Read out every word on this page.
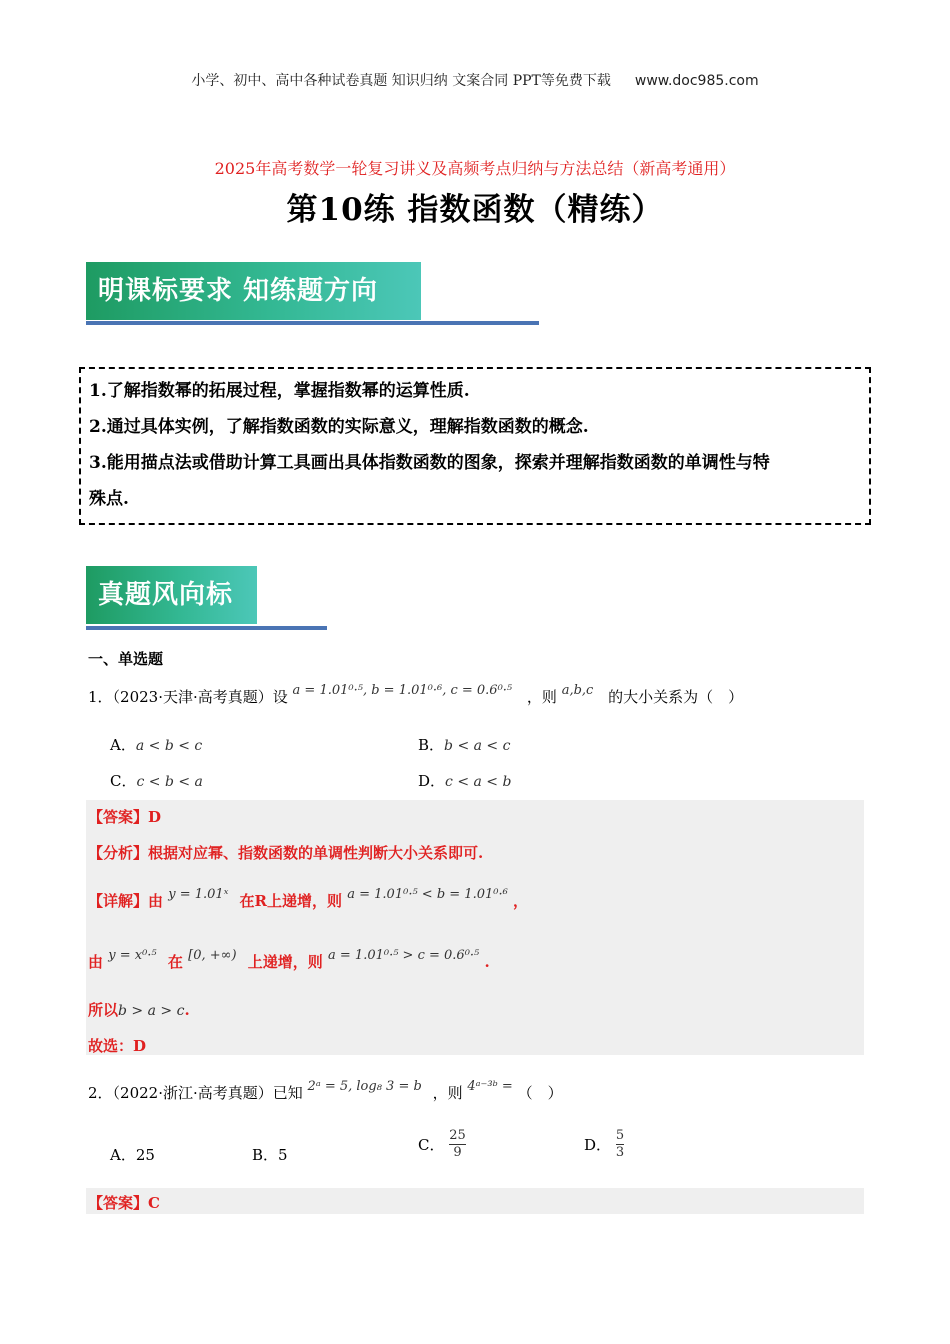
小学、初中、高中各种试卷真题 知识归纳 文案合同 PPT等免费下载 www.doc985.com
2025年高考数学一轮复习讲义及高频考点归纳与方法总结（新高考通用）
第10练 指数函数（精练）
明课标要求 知练题方向
1.了解指数幂的拓展过程，掌握指数幂的运算性质.
2.通过具体实例，了解指数函数的实际意义，理解指数函数的概念.
3.能用描点法或借助计算工具画出具体指数函数的图象，探索并理解指数函数的单调性与特
殊点.
真题风向标
一、单选题
1．（2023·天津·高考真题）设 a = 1.01⁰·⁵, b = 1.01⁰·⁶, c = 0.6⁰·⁵ ，则 a,b,c 的大小关系为（　）
A．a < b < c	B．b < a < c
C．c < b < a	D．c < a < b
【答案】D
【分析】根据对应幂、指数函数的单调性判断大小关系即可.
【详解】由 y = 1.01ˣ 在R上递增，则 a = 1.01⁰·⁵ < b = 1.01⁰·⁶ ，
由 y = x⁰·⁵ 在 [0, +∞) 上递增，则 a = 1.01⁰·⁵ > c = 0.6⁰·⁵ .
所以b > a > c.
故选：D
2．（2022·浙江·高考真题）已知 2ᵃ = 5, log₈ 3 = b ，则 4ᵃ⁻³ᵇ = （　）
A．25	B．5
C． $\frac{25}{9}$	D． $\frac{5}{3}$
【答案】C
